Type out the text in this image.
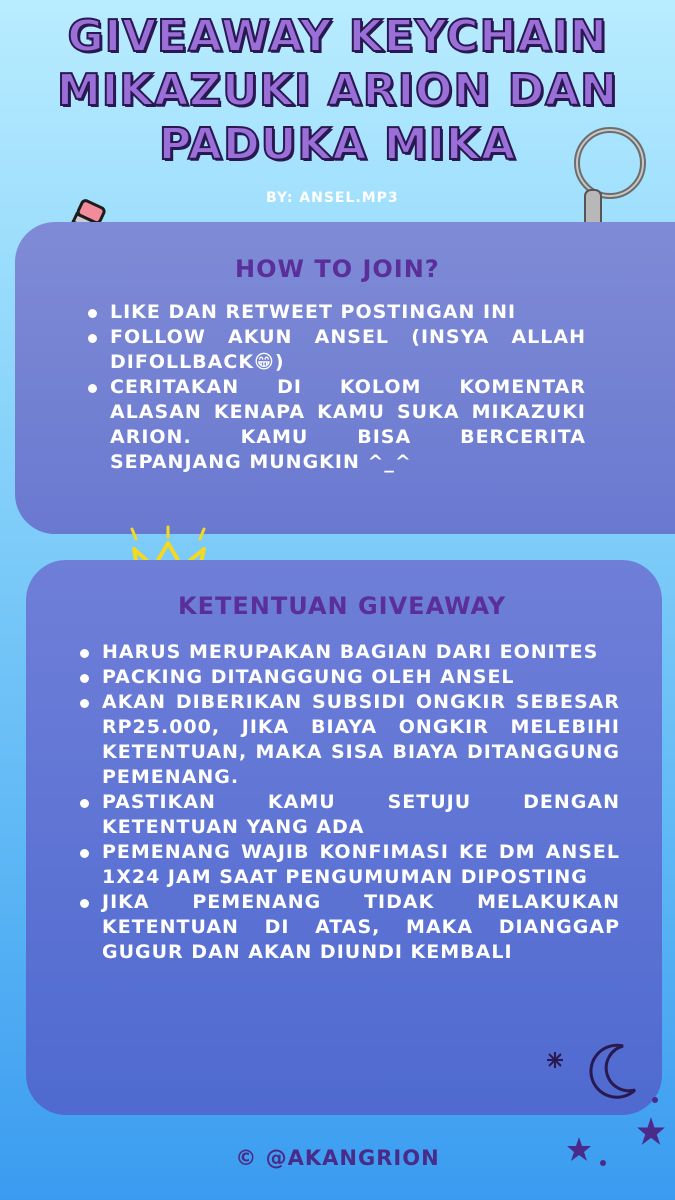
GIVEAWAY KEYCHAIN
MIKAZUKI ARION DAN
PADUKA MIKA
BY: ANSEL.MP3
HOW TO JOIN?
LIKE DAN RETWEET POSTINGAN INI
FOLLOW AKUN ANSEL (INSYA ALLAH DIFOLLBACK😁)
CERITAKAN DI KOLOM KOMENTAR ALASAN KENAPA KAMU SUKA MIKAZUKI ARION. KAMU BISA BERCERITA SEPANJANG MUNGKIN ^_^
KETENTUAN GIVEAWAY
HARUS MERUPAKAN BAGIAN DARI EONITES
PACKING DITANGGUNG OLEH ANSEL
AKAN DIBERIKAN SUBSIDI ONGKIR SEBESAR RP25.000, JIKA BIAYA ONGKIR MELEBIHI KETENTUAN, MAKA SISA BIAYA DITANGGUNG PEMENANG.
PASTIKAN KAMU SETUJU DENGAN KETENTUAN YANG ADA
PEMENANG WAJIB KONFIMASI KE DM ANSEL 1X24 JAM SAAT PENGUMUMAN DIPOSTING
JIKA PEMENANG TIDAK MELAKUKAN KETENTUAN DI ATAS, MAKA DIANGGAP GUGUR DAN AKAN DIUNDI KEMBALI
© @AKANGRION
